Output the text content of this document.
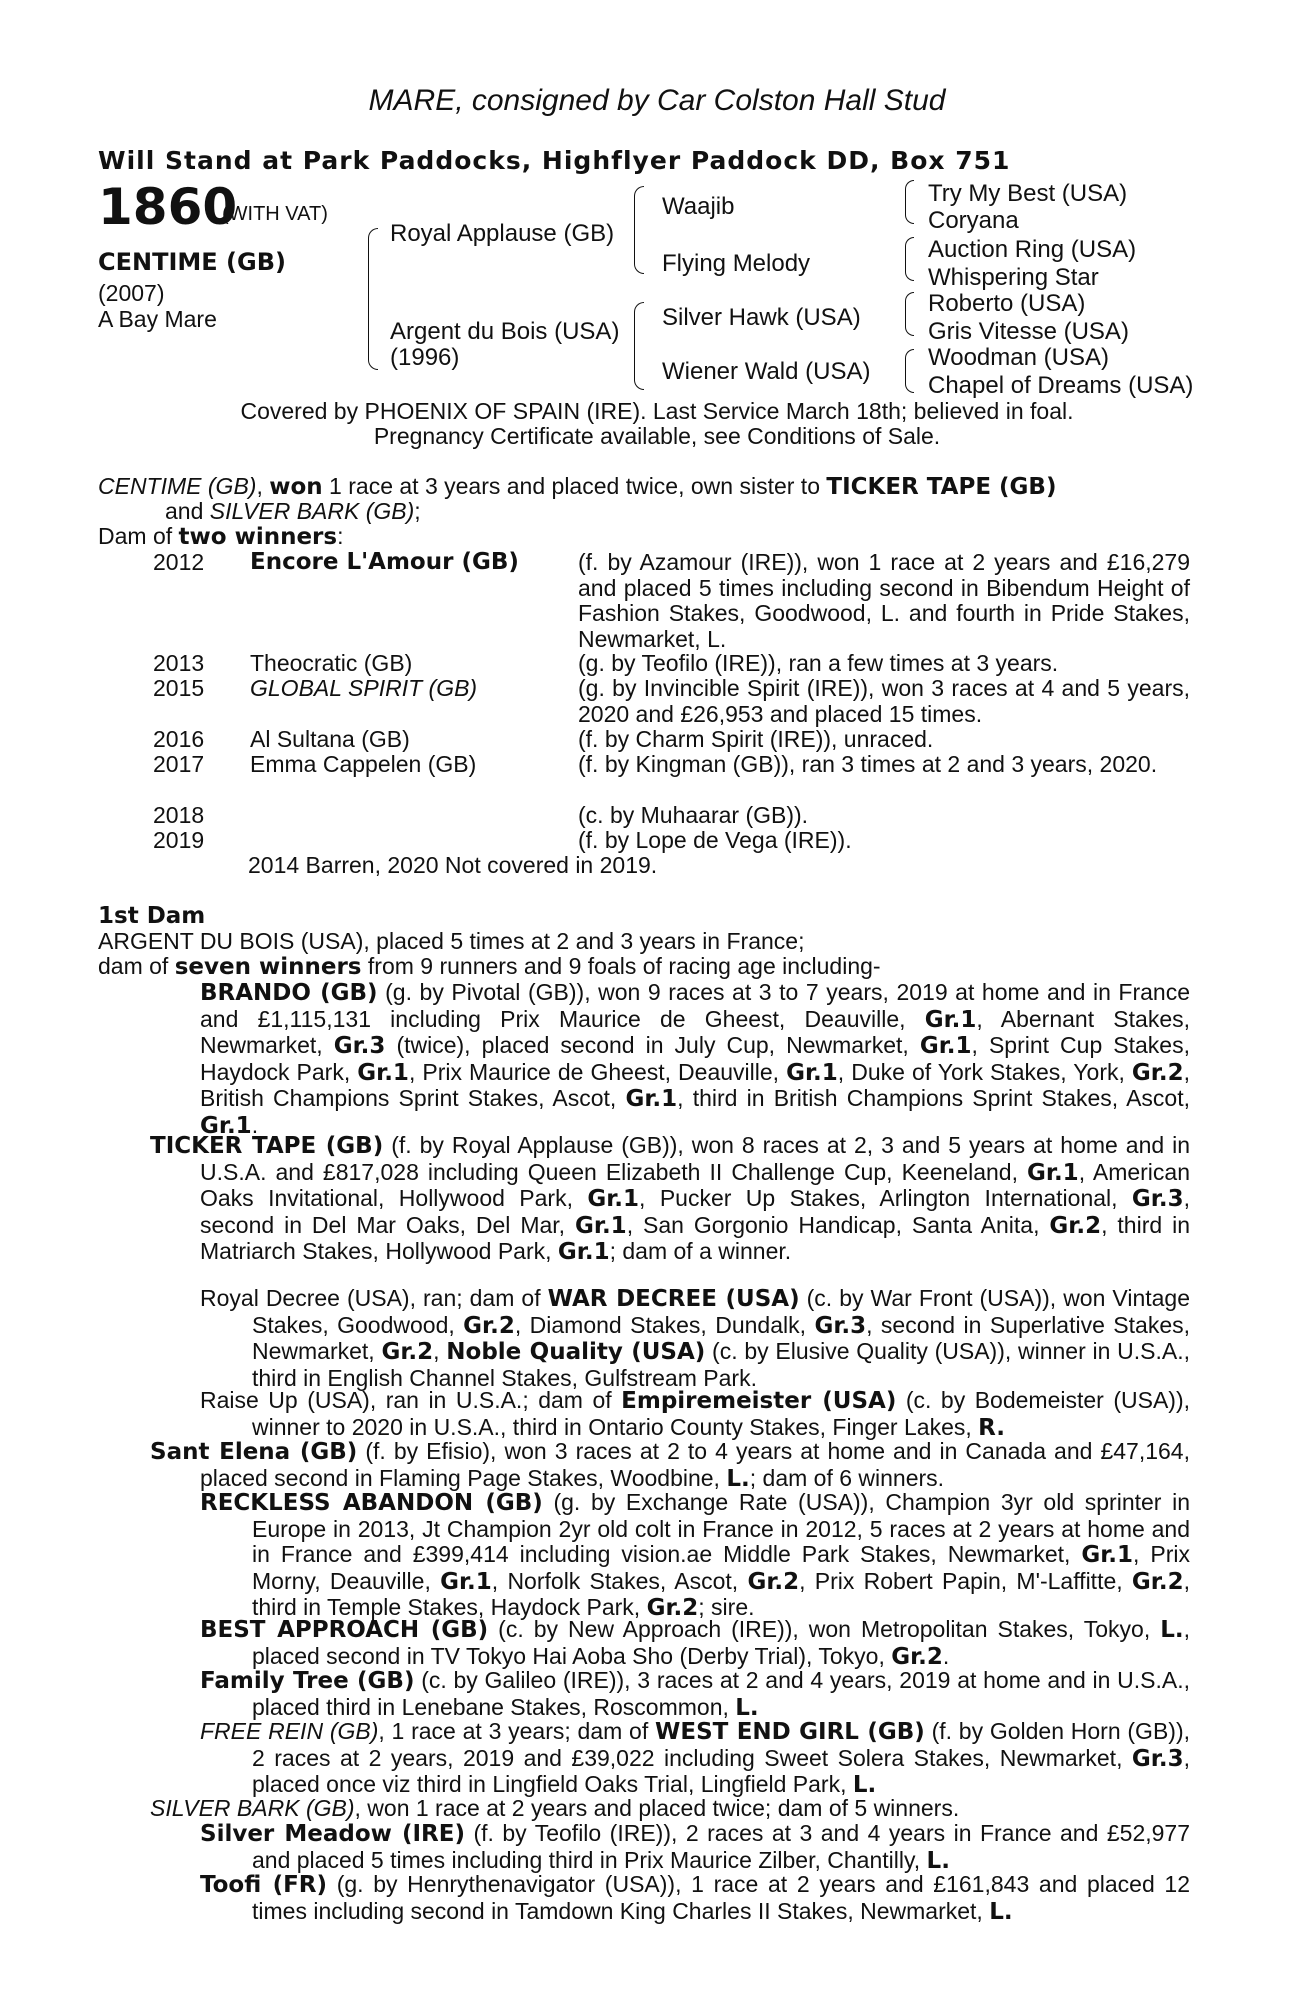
MARE, consigned by Car Colston Hall Stud
Will Stand at Park Paddocks, Highflyer Paddock DD, Box 751
1860
(WITH VAT)
CENTIME (GB)
(2007)
A Bay Mare
Royal Applause (GB)
Argent du Bois (USA)
(1996)
Waajib
Flying Melody
Silver Hawk (USA)
Wiener Wald (USA)
Try My Best (USA)
Coryana
Auction Ring (USA)
Whispering Star
Roberto (USA)
Gris Vitesse (USA)
Woodman (USA)
Chapel of Dreams (USA)
Covered by PHOENIX OF SPAIN (IRE). Last Service March 18th; believed in foal.
Pregnancy Certificate available, see Conditions of Sale.
CENTIME (GB), won 1 race at 3 years and placed twice, own sister to TICKER TAPE (GB)
and SILVER BARK (GB);
Dam of two winners:
2012 Encore L'Amour (GB)	(f. by Azamour (IRE)), won 1 race at 2 years and £16,279 and placed 5 times including second in Bibendum Height of Fashion Stakes, Goodwood, L. and fourth in Pride Stakes, Newmarket, L.
2013 Theocratic (GB)	(g. by Teofilo (IRE)), ran a few times at 3 years.
2015 GLOBAL SPIRIT (GB)	(g. by Invincible Spirit (IRE)), won 3 races at 4 and 5 years, 2020 and £26,953 and placed 15 times.
2016 Al Sultana (GB)	(f. by Charm Spirit (IRE)), unraced.
2017 Emma Cappelen (GB)	(f. by Kingman (GB)), ran 3 times at 2 and 3 years, 2020.
2018	(c. by Muhaarar (GB)).
2019	(f. by Lope de Vega (IRE)).
2014 Barren, 2020 Not covered in 2019.
1st Dam
ARGENT DU BOIS (USA), placed 5 times at 2 and 3 years in France;
dam of seven winners from 9 runners and 9 foals of racing age including-
BRANDO (GB) (g. by Pivotal (GB)), won 9 races at 3 to 7 years, 2019 at home and in France and £1,115,131 including Prix Maurice de Gheest, Deauville, Gr.1, Abernant Stakes, Newmarket, Gr.3 (twice), placed second in July Cup, Newmarket, Gr.1, Sprint Cup Stakes, Haydock Park, Gr.1, Prix Maurice de Gheest, Deauville, Gr.1, Duke of York Stakes, York, Gr.2, British Champions Sprint Stakes, Ascot, Gr.1, third in British Champions Sprint Stakes, Ascot, Gr.1.
TICKER TAPE (GB) (f. by Royal Applause (GB)), won 8 races at 2, 3 and 5 years at home and in U.S.A. and £817,028 including Queen Elizabeth II Challenge Cup, Keeneland, Gr.1, American Oaks Invitational, Hollywood Park, Gr.1, Pucker Up Stakes, Arlington International, Gr.3, second in Del Mar Oaks, Del Mar, Gr.1, San Gorgonio Handicap, Santa Anita, Gr.2, third in Matriarch Stakes, Hollywood Park, Gr.1; dam of a winner.
Royal Decree (USA), ran; dam of WAR DECREE (USA) (c. by War Front (USA)), won Vintage Stakes, Goodwood, Gr.2, Diamond Stakes, Dundalk, Gr.3, second in Superlative Stakes, Newmarket, Gr.2, Noble Quality (USA) (c. by Elusive Quality (USA)), winner in U.S.A., third in English Channel Stakes, Gulfstream Park.
Raise Up (USA), ran in U.S.A.; dam of Empiremeister (USA) (c. by Bodemeister (USA)), winner to 2020 in U.S.A., third in Ontario County Stakes, Finger Lakes, R.
Sant Elena (GB) (f. by Efisio), won 3 races at 2 to 4 years at home and in Canada and £47,164, placed second in Flaming Page Stakes, Woodbine, L.; dam of 6 winners.
RECKLESS ABANDON (GB) (g. by Exchange Rate (USA)), Champion 3yr old sprinter in Europe in 2013, Jt Champion 2yr old colt in France in 2012, 5 races at 2 years at home and in France and £399,414 including vision.ae Middle Park Stakes, Newmarket, Gr.1, Prix Morny, Deauville, Gr.1, Norfolk Stakes, Ascot, Gr.2, Prix Robert Papin, M'-Laffitte, Gr.2, third in Temple Stakes, Haydock Park, Gr.2; sire.
BEST APPROACH (GB) (c. by New Approach (IRE)), won Metropolitan Stakes, Tokyo, L., placed second in TV Tokyo Hai Aoba Sho (Derby Trial), Tokyo, Gr.2.
Family Tree (GB) (c. by Galileo (IRE)), 3 races at 2 and 4 years, 2019 at home and in U.S.A., placed third in Lenebane Stakes, Roscommon, L.
FREE REIN (GB), 1 race at 3 years; dam of WEST END GIRL (GB) (f. by Golden Horn (GB)), 2 races at 2 years, 2019 and £39,022 including Sweet Solera Stakes, Newmarket, Gr.3, placed once viz third in Lingfield Oaks Trial, Lingfield Park, L.
SILVER BARK (GB), won 1 race at 2 years and placed twice; dam of 5 winners.
Silver Meadow (IRE) (f. by Teofilo (IRE)), 2 races at 3 and 4 years in France and £52,977 and placed 5 times including third in Prix Maurice Zilber, Chantilly, L.
Toofi (FR) (g. by Henrythenavigator (USA)), 1 race at 2 years and £161,843 and placed 12 times including second in Tamdown King Charles II Stakes, Newmarket, L.
